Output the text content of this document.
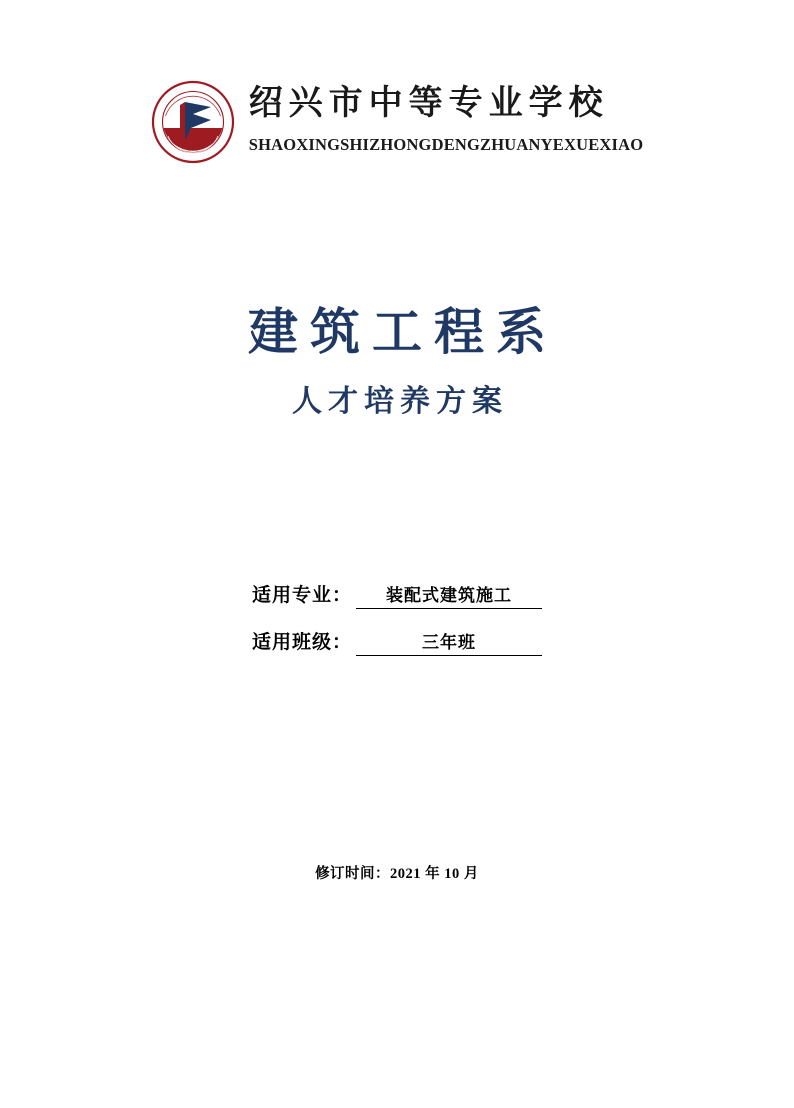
绍兴市中等专业学校
SHAOXINGSHIZHONGDENGZHUANYEXUEXIAO
建筑工程系
人才培养方案
适用专业：	装配式建筑施工
适用班级：	三年班
修订时间：2021 年 10 月
